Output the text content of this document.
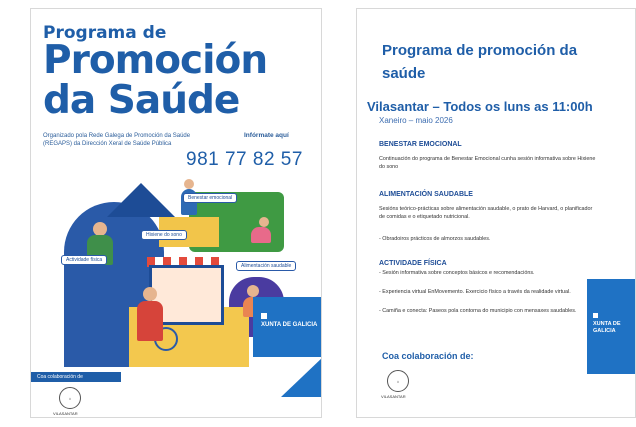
Programa de
Promoción
da Saúde
Organizado pola Rede Galega de Promoción da Saúde (REGAPS) da Dirección Xeral de Saúde Pública
Infórmate aquí
981 77 82 57
Benestar emocional
Hixiene do sono
Actividade física
Alimentación saudable
XUNTA DE GALICIA
Coa colaboración de
⌂
VILASANTAR
Programa de promoción da saúde
Vilasantar – Todos os luns as 11:00h
Xaneiro – maio 2026
BENESTAR EMOCIONAL
Continuación do programa de Benestar Emocional cunha sesión informativa sobre Hixiene do sono
ALIMENTACIÓN SAUDABLE
Sesións teórico-prácticas sobre alimentación saudable, o prato de Harvard, o planificador de comidas e o etiquetado nutricional.
- Obradoiros prácticos de almorzos saudables.
ACTIVIDADE FÍSICA
- Sesión informativa sobre conceptos básicos e recomendacións.
- Experiencia virtual EnMovemento. Exercicio físico a través da realidade virtual.
- Camiña e conecta: Paseos pola contorna do municipio con mensaxes saudables.
XUNTA DE GALICIA
Coa colaboración de:
⌂
VILASANTAR
